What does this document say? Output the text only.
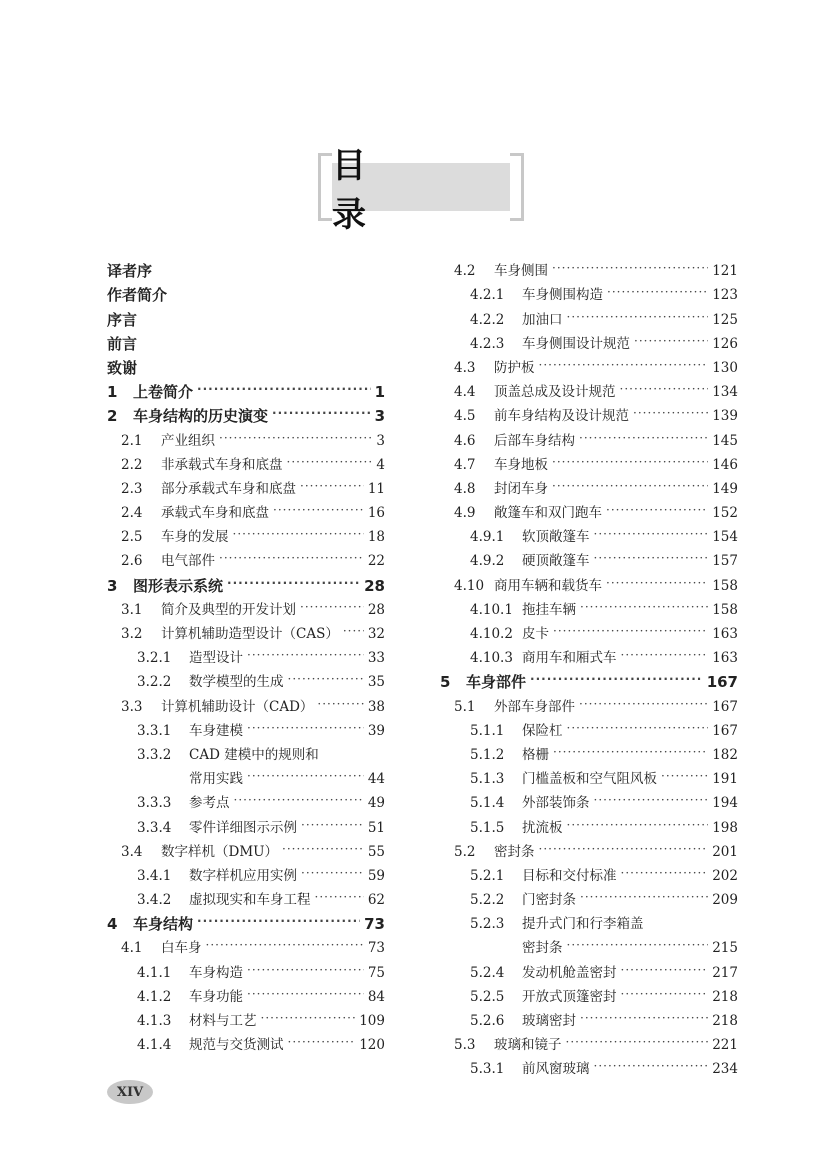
目 录
译者序
作者简介
序言
前言
致谢
1	上卷简介 ·····	1
2	车身结构的历史演变 ·····	3
2.1	产业组织 ·····	3
2.2	非承载式车身和底盘 ·····	4
2.3	部分承载式车身和底盘 ·····	11
2.4	承载式车身和底盘 ·····	16
2.5	车身的发展 ·····	18
2.6	电气部件 ·····	22
3	图形表示系统 ·····	28
3.1	简介及典型的开发计划 ·····	28
3.2	计算机辅助造型设计（CAS） ····· 32
3.2.1	造型设计 ·····	33
3.2.2	数学模型的生成 ·····	35
3.3	计算机辅助设计（CAD） ·····	38
3.3.1	车身建模 ·····	39
3.3.2	CAD 建模中的规则和
常用实践 ·····	44
3.3.3	参考点 ·····	49
3.3.4	零件详细图示示例 ·····	51
3.4	数字样机（DMU） ·····	55
3.4.1	数字样机应用实例 ·····	59
3.4.2	虚拟现实和车身工程 ·····	62
4	车身结构 ·····	73
4.1	白车身 ·····	73
4.1.1	车身构造 ·····	75
4.1.2	车身功能 ·····	84
4.1.3	材料与工艺 ·····	109
4.1.4	规范与交货测试 ·····	120
4.2	车身侧围 ·····	121
4.2.1	车身侧围构造 ·····	123
4.2.2	加油口 ·····	125
4.2.3	车身侧围设计规范 ·····	126
4.3	防护板 ·····	130
4.4	顶盖总成及设计规范 ·····	134
4.5	前车身结构及设计规范 ·····	139
4.6	后部车身结构 ·····	145
4.7	车身地板 ·····	146
4.8	封闭车身 ·····	149
4.9	敞篷车和双门跑车 ·····	152
4.9.1	软顶敞篷车 ·····	154
4.9.2	硬顶敞篷车 ·····	157
4.10 商用车辆和载货车 ·····	158
4.10.1 拖挂车辆 ·····	158
4.10.2 皮卡 ·····	163
4.10.3 商用车和厢式车 ·····	163
5	车身部件 ·····	167
5.1	外部车身部件 ·····	167
5.1.1	保险杠 ·····	167
5.1.2	格栅 ·····	182
5.1.3	门槛盖板和空气阻风板 ·····	191
5.1.4	外部装饰条 ·····	194
5.1.5	扰流板 ·····	198
5.2	密封条 ·····	201
5.2.1	目标和交付标准 ·····	202
5.2.2	门密封条 ·····	209
5.2.3	提升式门和行李箱盖
密封条 ·····	215
5.2.4	发动机舱盖密封 ·····	217
5.2.5	开放式顶篷密封 ·····	218
5.2.6	玻璃密封 ·····	218
5.3	玻璃和镜子 ·····	221
5.3.1	前风窗玻璃 ·····	234
XIV
